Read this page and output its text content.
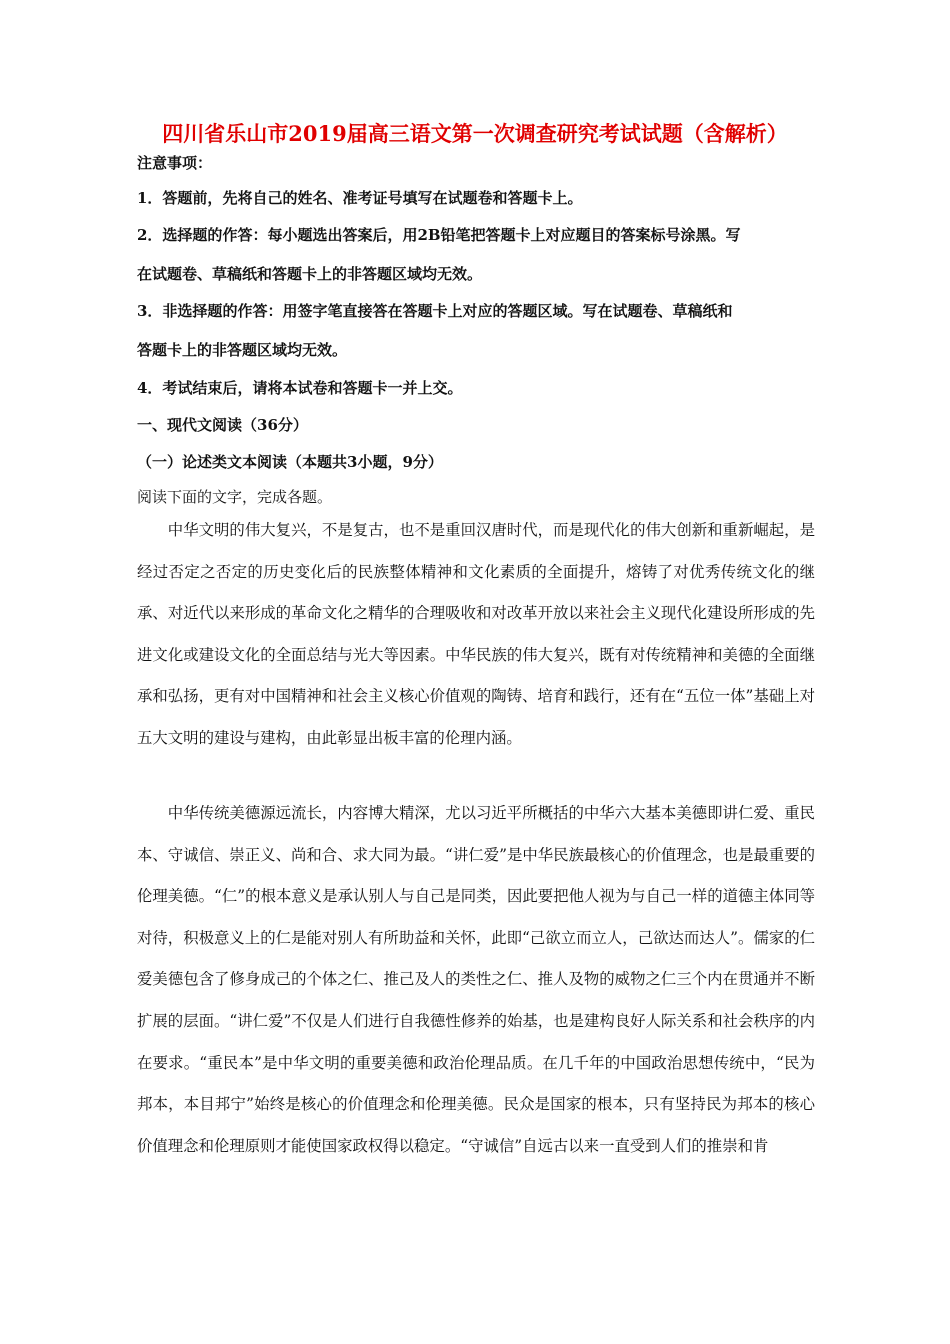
四川省乐山市2019届高三语文第一次调查研究考试试题（含解析）
注意事项：
1．答题前，先将自己的姓名、准考证号填写在试题卷和答题卡上。
2．选择题的作答：每小题选出答案后，用2B铅笔把答题卡上对应题目的答案标号涂黑。写
在试题卷、草稿纸和答题卡上的非答题区域均无效。
3．非选择题的作答：用签字笔直接答在答题卡上对应的答题区域。写在试题卷、草稿纸和
答题卡上的非答题区域均无效。
4．考试结束后，请将本试卷和答题卡一并上交。
一、现代文阅读（36分）
（一）论述类文本阅读（本题共3小题，9分）
阅读下面的文字，完成各题。

中华文明的伟大复兴，不是复古，也不是重回汉唐时代，而是现代化的伟大创新和重新崛起，是经过否定之否定的历史变化后的民族整体精神和文化素质的全面提升，熔铸了对优秀传统文化的继承、对近代以来形成的革命文化之精华的合理吸收和对改革开放以来社会主义现代化建设所形成的先进文化或建设文化的全面总结与光大等因素。中华民族的伟大复兴，既有对传统精神和美德的全面继承和弘扬，更有对中国精神和社会主义核心价值观的陶铸、培育和践行，还有在“五位一体”基础上对五大文明的建设与建构，由此彰显出板丰富的伦理内涵。

中华传统美德源远流长，内容博大精深，尤以习近平所概括的中华六大基本美德即讲仁爱、重民本、守诚信、崇正义、尚和合、求大同为最。“讲仁爱”是中华民族最核心的价值理念，也是最重要的伦理美德。“仁”的根本意义是承认别人与自己是同类，因此要把他人视为与自己一样的道德主体同等对待，积极意义上的仁是能对别人有所助益和关怀，此即“己欲立而立人，己欲达而达人”。儒家的仁爱美德包含了修身成己的个体之仁、推己及人的类性之仁、推人及物的威物之仁三个内在贯通并不断扩展的层面。“讲仁爱”不仅是人们进行自我德性修养的始基，也是建构良好人际关系和社会秩序的内在要求。“重民本”是中华文明的重要美德和政治伦理品质。在几千年的中国政治思想传统中，“民为邦本，本目邦宁”始终是核心的价值理念和伦理美德。民众是国家的根本，只有坚持民为邦本的核心价值理念和伦理原则才能使国家政权得以稳定。“守诚信”自远古以来一直受到人们的推崇和肯
